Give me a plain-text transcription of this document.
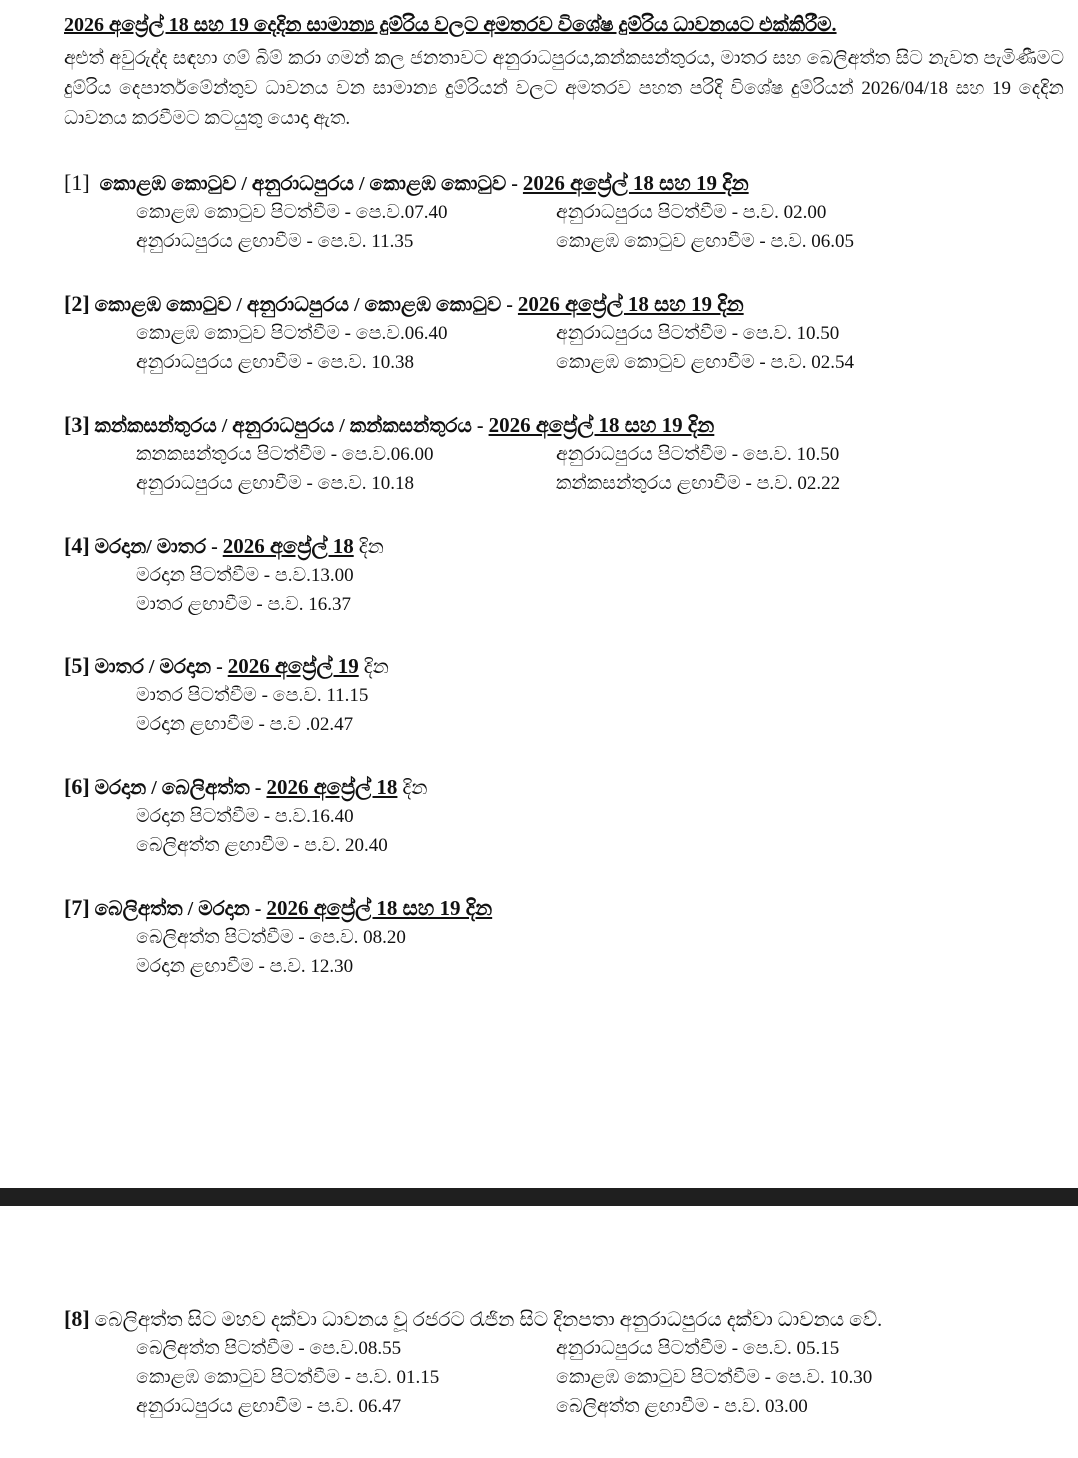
2026 අප්‍රේල් 18 සහ 19 දෙදින සාමාන්‍ය දුම්රිය වලට අමතරව විශේෂ දුම්රිය ධාවනයට එක්කිරීම.
අළුත් අවුරුද්ද සඳහා ගම් බිම් කරා ගමන් කල ජනතාවට අනුරාධපුරය,කන්කසන්තුරය, මාතර සහ බෙලිඅත්ත සිට නැවත පැමිණීමට දුම්රිය දෙපාර්තමේන්තුව ධාවනය වන සාමාන්‍ය දුම්රියන් වලට අමතරව පහත පරිදි විශේෂ දුම්රියන් 2026/04/18 සහ 19 දෙදින ධාවනය කරවීමට කටයුතු යොදා ඇත.
[1] කොළඹ කොටුව / අනුරාධපුරය / කොළඹ කොටුව - 2026 අප්‍රේල් 18 සහ 19 දින
කොළඹ කොටුව පිටත්වීම - පෙ.ව.07.40	අනුරාධපුරය පිටත්වීම - ප.ව. 02.00
අනුරාධපුරය ළඟාවීම - පෙ.ව. 11.35	කොළඹ කොටුව ළඟාවීම - ප.ව. 06.05
[2] කොළඹ කොටුව / අනුරාධපුරය / කොළඹ කොටුව - 2026 අප්‍රේල් 18 සහ 19 දින
කොළඹ කොටුව පිටත්වීම - පෙ.ව.06.40	අනුරාධපුරය පිටත්වීම - පෙ.ව. 10.50
අනුරාධපුරය ළඟාවීම - පෙ.ව. 10.38	කොළඹ කොටුව ළඟාවීම - ප.ව. 02.54
[3] කන්කසන්තුරය / අනුරාධපුරය / කන්කසන්තුරය - 2026 අප්‍රේල් 18 සහ 19 දින
කනකසන්තුරය පිටත්වීම - පෙ.ව.06.00	අනුරාධපුරය පිටත්වීම - පෙ.ව. 10.50
අනුරාධපුරය ළඟාවීම - පෙ.ව. 10.18	කන්කසන්තුරය ළඟාවීම - ප.ව. 02.22
[4] මරදාන/ මාතර - 2026 අප්‍රේල් 18 දින
මරදාන පිටත්වීම - ප.ව.13.00
මාතර ළඟාවීම - ප.ව. 16.37
[5] මාතර / මරදාන - 2026 අප්‍රේල් 19 දින
මාතර පිටත්වීම - පෙ.ව. 11.15
මරදාන ළඟාවීම - ප.ව .02.47
[6] මරදාන / බෙලිඅත්ත - 2026 අප්‍රේල් 18 දින
මරදාන පිටත්වීම - ප.ව.16.40
බෙලිඅත්ත ළඟාවීම - ප.ව. 20.40
[7] බෙලිඅත්ත / මරදාන - 2026 අප්‍රේල් 18 සහ 19 දින
බෙලිඅත්ත පිටත්වීම - පෙ.ව. 08.20
මරදාන ළඟාවීම - ප.ව. 12.30
[8] බෙලිඅත්ත සිට මහව දක්වා ධාවනය වූ රජරට රැජින සිට දිනපතා අනුරාධපුරය දක්වා ධාවනය වේ.
බෙලිඅත්ත පිටත්වීම - පෙ.ව.08.55	අනුරාධපුරය පිටත්වීම - පෙ.ව. 05.15
කොළඹ කොටුව පිටත්වීම - ප.ව. 01.15	කොළඹ කොටුව පිටත්වීම - පෙ.ව. 10.30
අනුරාධපුරය ළඟාවීම - ප.ව. 06.47	බෙලිඅත්ත ළඟාවීම - ප.ව. 03.00
